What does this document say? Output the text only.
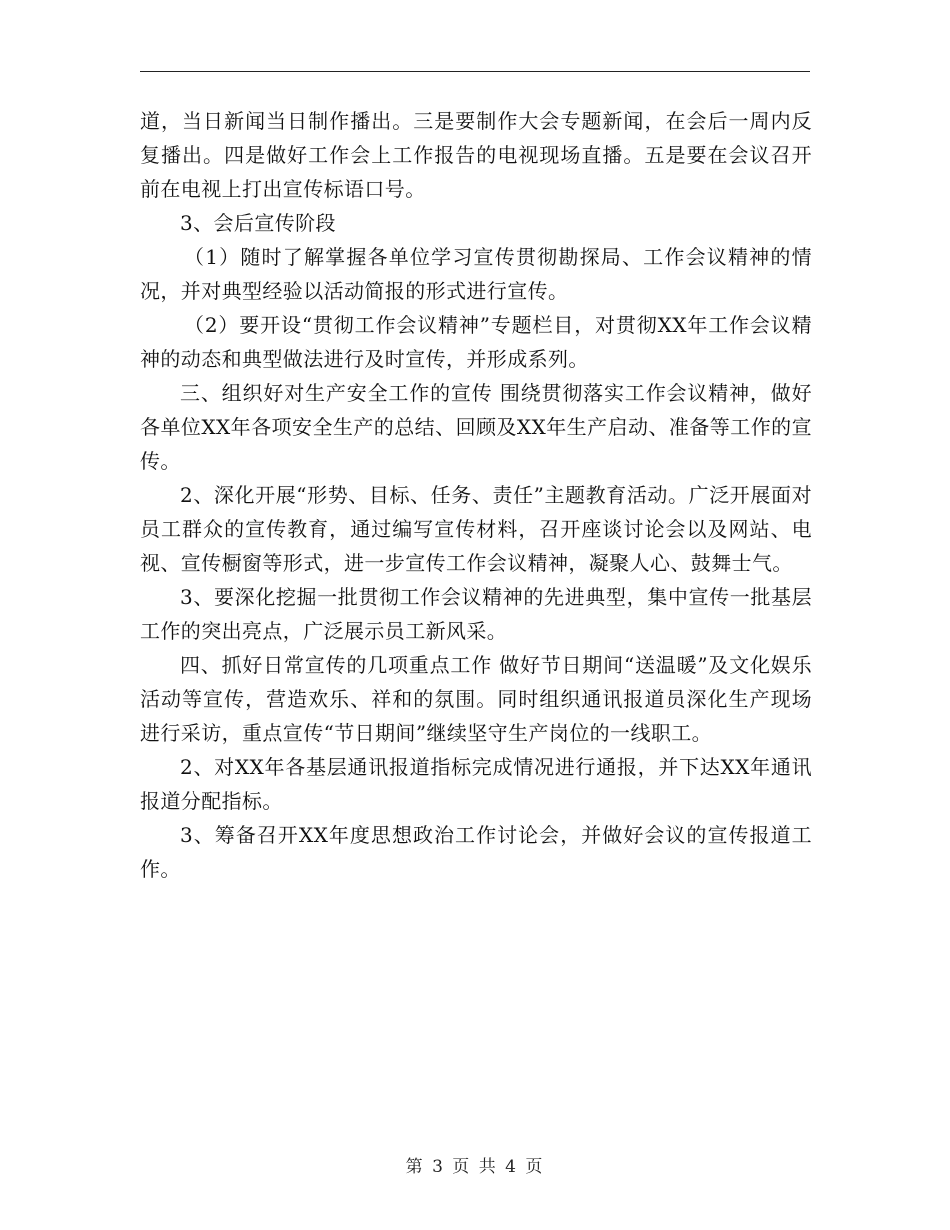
道，当日新闻当日制作播出。三是要制作大会专题新闻，在会后一周内反复播出。四是做好工作会上工作报告的电视现场直播。五是要在会议召开前在电视上打出宣传标语口号。

3、会后宣传阶段

（1）随时了解掌握各单位学习宣传贯彻勘探局、工作会议精神的情况，并对典型经验以活动简报的形式进行宣传。

（2）要开设“贯彻工作会议精神”专题栏目，对贯彻XX年工作会议精神的动态和典型做法进行及时宣传，并形成系列。

三、组织好对生产安全工作的宣传 围绕贯彻落实工作会议精神，做好各单位XX年各项安全生产的总结、回顾及XX年生产启动、准备等工作的宣传。

2、深化开展“形势、目标、任务、责任”主题教育活动。广泛开展面对员工群众的宣传教育，通过编写宣传材料，召开座谈讨论会以及网站、电视、宣传橱窗等形式，进一步宣传工作会议精神，凝聚人心、鼓舞士气。

3、要深化挖掘一批贯彻工作会议精神的先进典型，集中宣传一批基层工作的突出亮点，广泛展示员工新风采。

四、抓好日常宣传的几项重点工作 做好节日期间“送温暖”及文化娱乐活动等宣传，营造欢乐、祥和的氛围。同时组织通讯报道员深化生产现场进行采访，重点宣传“节日期间”继续坚守生产岗位的一线职工。

2、对XX年各基层通讯报道指标完成情况进行通报，并下达XX年通讯报道分配指标。

3、筹备召开XX年度思想政治工作讨论会，并做好会议的宣传报道工作。

第 3 页 共 4 页
